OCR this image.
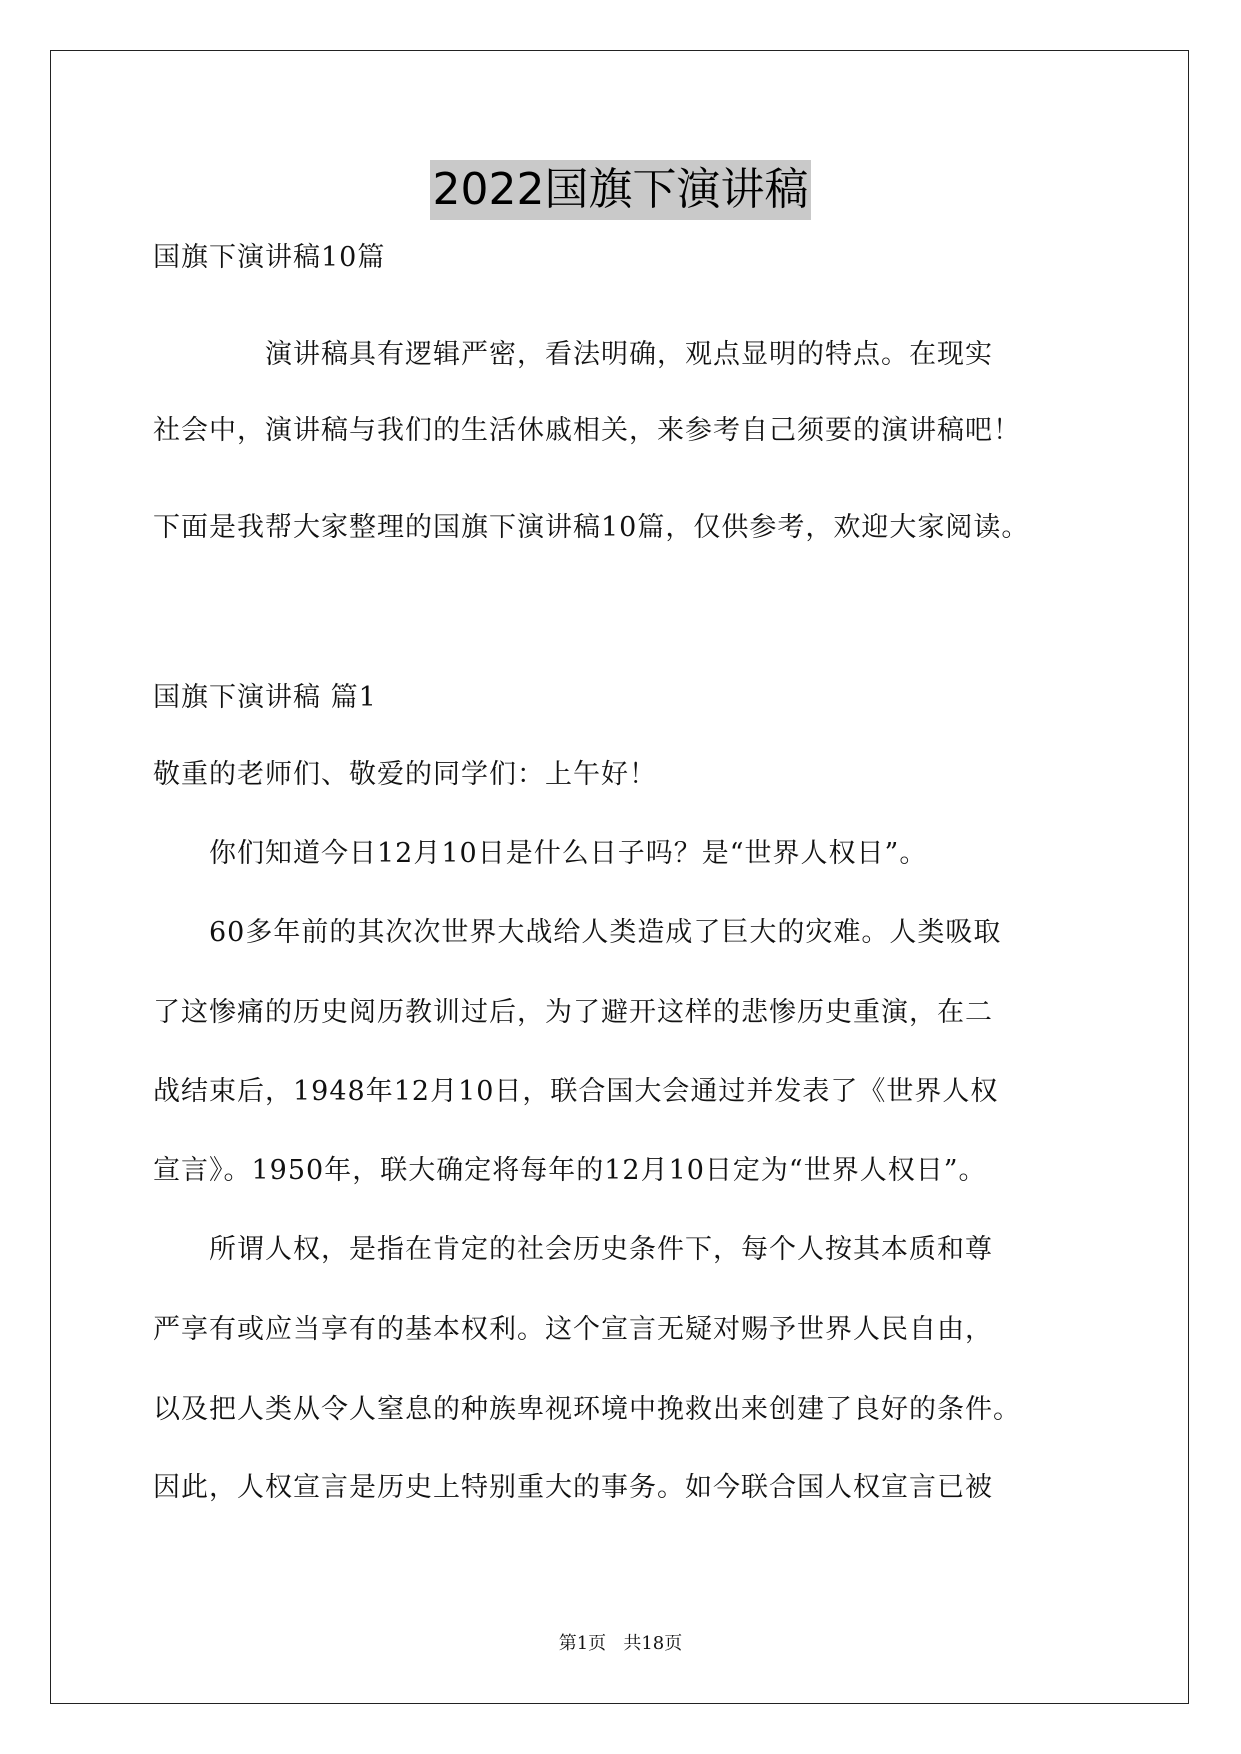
2022国旗下演讲稿
国旗下演讲稿10篇
　　　　演讲稿具有逻辑严密，看法明确，观点显明的特点。在现实
社会中，演讲稿与我们的生活休戚相关，来参考自己须要的演讲稿吧！
下面是我帮大家整理的国旗下演讲稿10篇，仅供参考，欢迎大家阅读。
国旗下演讲稿 篇1
敬重的老师们、敬爱的同学们：上午好！
　　你们知道今日12月10日是什么日子吗？是“世界人权日”。
　　60多年前的其次次世界大战给人类造成了巨大的灾难。人类吸取
了这惨痛的历史阅历教训过后，为了避开这样的悲惨历史重演，在二
战结束后，1948年12月10日，联合国大会通过并发表了《世界人权
宣言》。1950年，联大确定将每年的12月10日定为“世界人权日”。
　　所谓人权，是指在肯定的社会历史条件下，每个人按其本质和尊
严享有或应当享有的基本权利。这个宣言无疑对赐予世界人民自由，
以及把人类从令人窒息的种族卑视环境中挽救出来创建了良好的条件。
因此，人权宣言是历史上特别重大的事务。如今联合国人权宣言已被
第1页   共18页
